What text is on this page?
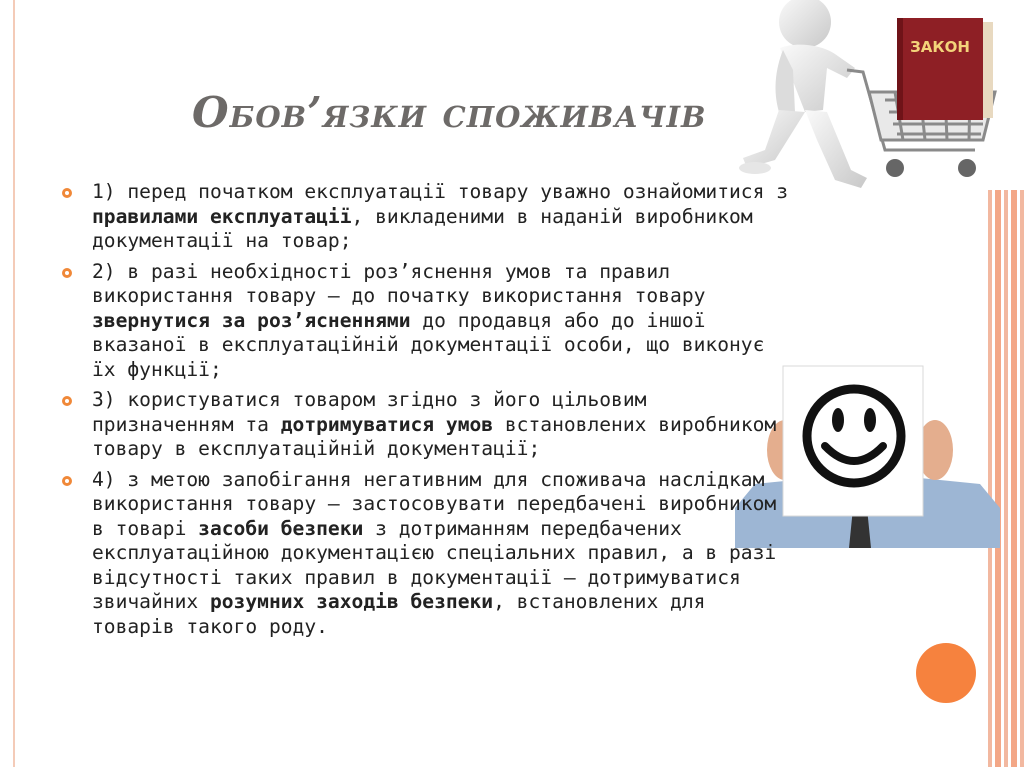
Обов’язки споживачів
ЗАКОН
1) перед початком експлуатації товару уважно ознайомитися з правилами експлуатації, викладеними в наданій виробником документації на товар;
2) в разі необхідності роз’яснення умов та правил використання товару – до початку використання товару звернутися за роз’ясненнями до продавця або до іншої вказаної в експлуатаційній документації особи, що виконує їх функції;
3) користуватися товаром згідно з його цільовим призначенням та дотримуватися умов встановлених виробником товару в експлуатаційній документації;
4) з метою запобігання негативним для споживача наслідкам використання товару – застосовувати передбачені виробником в товарі засоби безпеки з дотриманням передбачених експлуатаційною документацією спеціальних правил, а в разі відсутності таких правил в документації – дотримуватися звичайних розумних заходів безпеки, встановлених для товарів такого роду.
